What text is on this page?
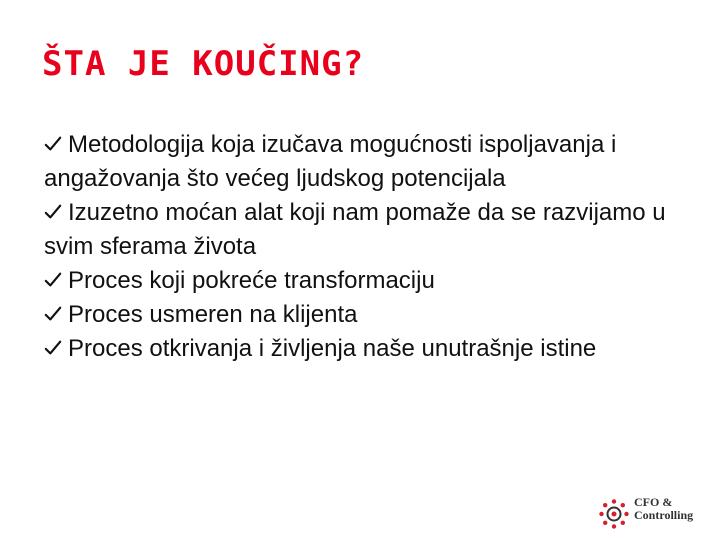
ŠTA JE KOUČING?

Metodologija koja izučava mogućnosti ispoljavanja i angažovanja što većeg ljudskog potencijala

Izuzetno moćan alat koji nam pomaže da se razvijamo u svim sferama života

Proces koji pokreće transformaciju

Proces usmeren na klijenta

Proces otkrivanja i življenja naše unutrašnje istine

CFO &
Controlling
